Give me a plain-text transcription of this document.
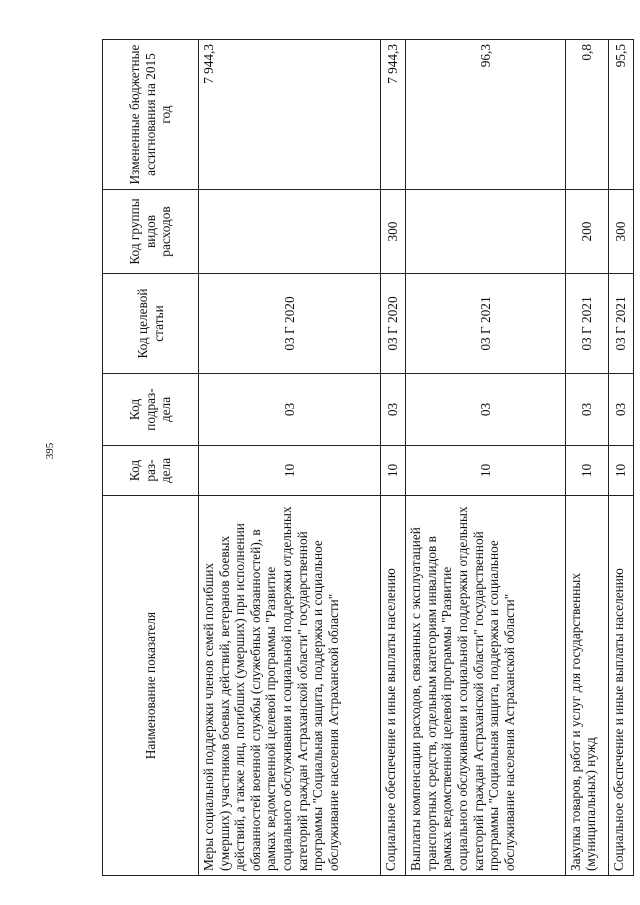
395
Наименование показателя	Код раз-дела	Код подраз-дела	Код целевой статьи	Код группы видов расходов	Измененные бюджетные ассигнования на 2015 год
Меры социальной поддержки членов семей погибших (умерших) участников боевых действий, ветеранов боевых действий, а также лиц, погибших (умерших) при исполнении обязанностей военной службы (служебных обязанностей), в рамках ведомственной целевой программы "Развитие социального обслуживания и социальной поддержки отдельных категорий граждан Астраханской области" государственной программы "Социальная защита, поддержка и социальное обслуживание населения Астраханской области"	10	03	03 Г 2020		7 944,3
Социальное обеспечение и иные выплаты населению	10	03	03 Г 2020	300	7 944,3
Выплаты компенсации расходов, связанных с эксплуатацией транспортных средств, отдельным категориям инвалидов в рамках ведомственной целевой программы "Развитие социального обслуживания и социальной поддержки отдельных категорий граждан Астраханской области" государственной программы "Социальная защита, поддержка и социальное обслуживание населения Астраханской области"	10	03	03 Г 2021		96,3
Закупка товаров, работ и услуг для государственных (муниципальных) нужд	10	03	03 Г 2021	200	0,8
Социальное обеспечение и иные выплаты населению	10	03	03 Г 2021	300	95,5
